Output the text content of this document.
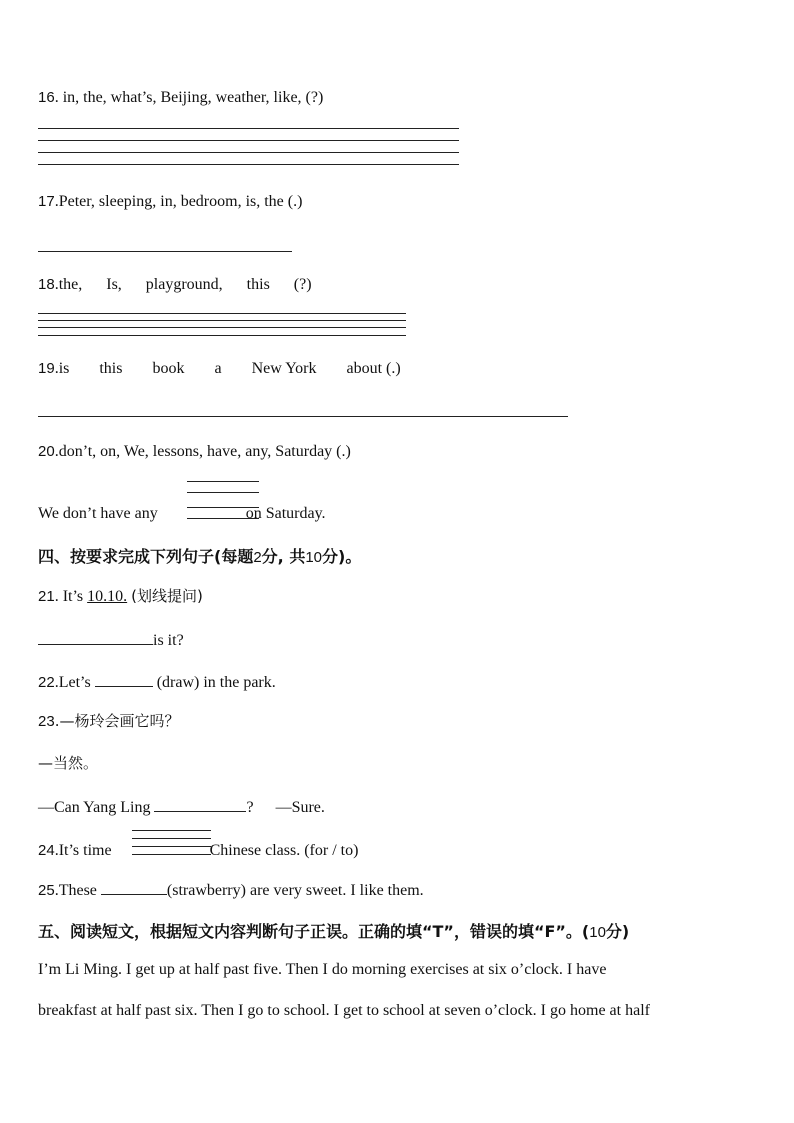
16. in, the, what’s, Beijing, weather, like, (?)
17.Peter, sleeping, in, bedroom, is, the (.)
18.the, Is, playground, this (?)
19.is this book a New York about (.)
20.don’t, on, We, lessons, have, any, Saturday (.)
We don’t have any	on Saturday.
四、按要求完成下列句子(每题2分, 共10分)。
21. It’s 10.10. (划线提问)
is it?
22.Let’s	(draw) in the park.
23.—杨玲会画它吗？
—当然。
—Can Yang Ling	? —Sure.
24.It’s time	Chinese class. (for / to)
25.These	(strawberry) are very sweet. I like them.
五、阅读短文，根据短文内容判断句子正误。正确的填“T”，错误的填“F”。(10分)
I’m Li Ming. I get up at half past five. Then I do morning exercises at six o’clock. I have
breakfast at half past six. Then I go to school. I get to school at seven o’clock. I go home at half
